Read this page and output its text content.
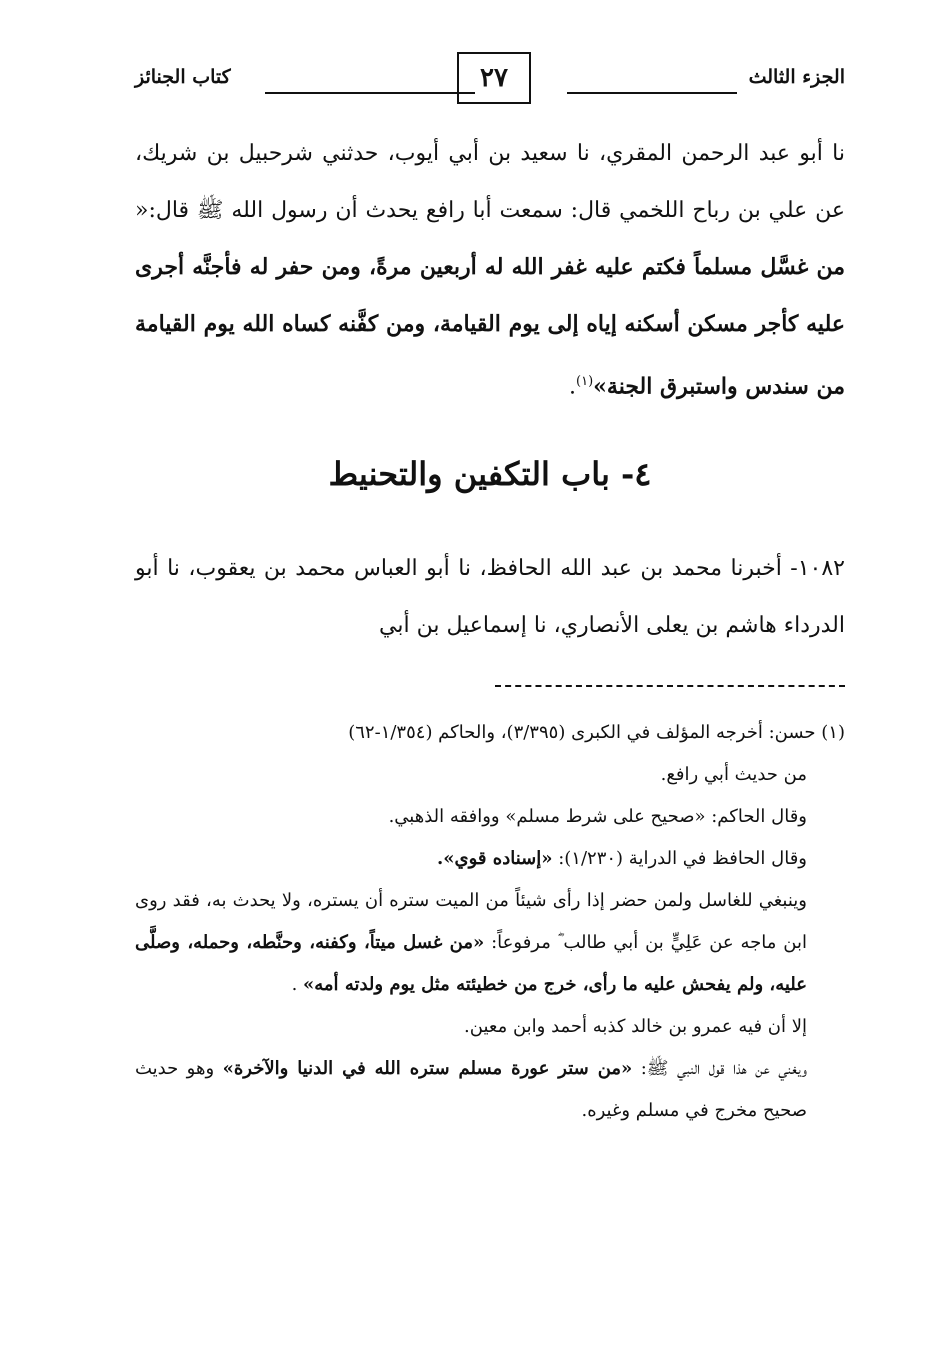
الجزء الثالث
٢٧
كتاب الجنائز
نا أبو عبد الرحمن المقري، نا سعيد بن أبي أيوب، حدثني شرحبيل بن شريك، عن علي بن رباح اللخمي قال: سمعت أبا رافع يحدث أن رسول الله ﷺ قال:« من غسَّل مسلماً فكتم عليه غفر الله له أربعين مرةً، ومن حفر له فأجنَّه أجرى عليه كأجر مسكن أسكنه إياه إلى يوم القيامة، ومن كفَّنه كساه الله يوم القيامة من سندس واستبرق الجنة»$^{(١)}$.
٤- باب التكفين والتحنيط
١٠٨٢- أخبرنا محمد بن عبد الله الحافظ، نا أبو العباس محمد بن يعقوب، نا أبو الدرداء هاشم بن يعلى الأنصاري، نا إسماعيل بن أبي
(١) حسن: أخرجه المؤلف في الكبرى (٣/٣٩٥)، والحاكم (١/٣٥٤-٦٢)
من حديث أبي رافع.
وقال الحاكم: «صحيح على شرط مسلم» ووافقه الذهبي.
وقال الحافظ في الدراية (١/٢٣٠): «إسناده قوي».
وينبغي للغاسل ولمن حضر إذا رأى شيئاً من الميت ستره أن يستره، ولا يحدث به، فقد روى ابن ماجه عن عَلِيٍّ بن أبي طالب ؓ مرفوعاً: «من غسل ميتاً، وكفنه، وحنَّطه، وحمله، وصلَّى عليه، ولم يفحش عليه ما رأى، خرج من خطيئته مثل يوم ولدته أمه» .
إلا أن فيه عمرو بن خالد كذبه أحمد وابن معين.
ويغني عن هذا قول النبي ﷺ: «من ستر عورة مسلم ستره الله في الدنيا والآخرة» وهو حديث صحيح مخرج في مسلم وغيره.
